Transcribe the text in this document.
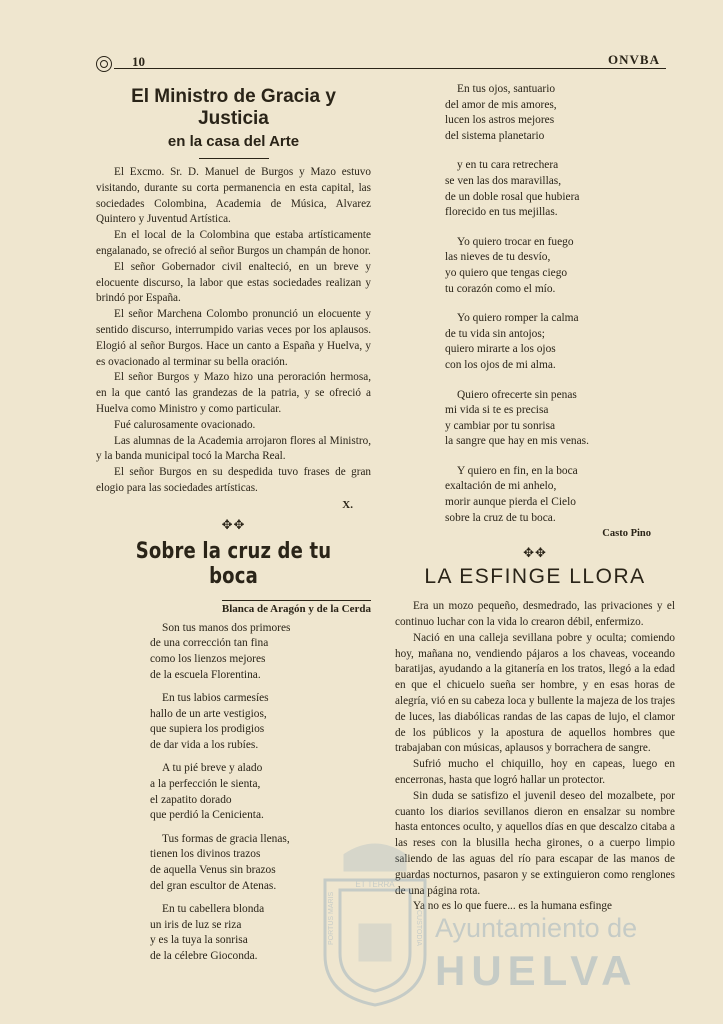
10	ONVBA
El Ministro de Gracia y Justicia
en la casa del Arte

El Excmo. Sr. D. Manuel de Burgos y Mazo estuvo visitando, durante su corta permanencia en esta capital, las sociedades Colombina, Academia de Música, Alvarez Quintero y Juventud Artística.

En el local de la Colombina que estaba artísticamente engalanado, se ofreció al señor Burgos un champán de honor.

El señor Gobernador civil enalteció, en un breve y elocuente discurso, la labor que estas sociedades realizan y brindó por España.

El señor Marchena Colombo pronunció un elocuente y sentido discurso, interrumpido varias veces por los aplausos. Elogió al señor Burgos. Hace un canto a España y Huelva, y es ovacionado al terminar su bella oración.

El señor Burgos y Mazo hizo una peroración hermosa, en la que cantó las grandezas de la patria, y se ofreció a Huelva como Ministro y como particular.

Fué calurosamente ovacionado.

Las alumnas de la Academia arrojaron flores al Ministro, y la banda municipal tocó la Marcha Real.

El señor Burgos en su despedida tuvo frases de gran elogio para las sociedades artísticas.

X.
✥✥
Sobre la cruz de tu boca
Blanca de Aragón y de la Cerda
Son tus manos dos primores
de una corrección tan fina
como los lienzos mejores
de la escuela Florentina.
En tus labios carmesíes
hallo de un arte vestigios,
que supiera los prodigios
de dar vida a los rubíes.
A tu pié breve y alado
a la perfección le sienta,
el zapatito dorado
que perdió la Cenicienta.
Tus formas de gracia llenas,
tienen los divinos trazos
de aquella Venus sin brazos
del gran escultor de Atenas.
En tu cabellera blonda
un iris de luz se riza
y es la tuya la sonrisa
de la célebre Gioconda.
En tus ojos, santuario
del amor de mis amores,
lucen los astros mejores
del sistema planetario
y en tu cara retrechera
se ven las dos maravillas,
de un doble rosal que hubiera
florecido en tus mejillas.
Yo quiero trocar en fuego
las nieves de tu desvío,
yo quiero que tengas ciego
tu corazón como el mío.
Yo quiero romper la calma
de tu vida sin antojos;
quiero mirarte a los ojos
con los ojos de mi alma.
Quiero ofrecerte sin penas
mi vida si te es precisa
y cambiar por tu sonrisa
la sangre que hay en mis venas.
Y quiero en fin, en la boca
exaltación de mi anhelo,
morir aunque pierda el Cielo
sobre la cruz de tu boca.
Casto Pino
✥✥
LA ESFINGE LLORA

Era un mozo pequeño, desmedrado, las privaciones y el continuo luchar con la vida lo crearon débil, enfermizo.

Nació en una calleja sevillana pobre y oculta; comiendo hoy, mañana no, vendiendo pájaros a los chaveas, voceando baratijas, ayudando a la gitanería en los tratos, llegó a la edad en que el chicuelo sueña ser hombre, y en esas horas de alegría, vió en su cabeza loca y bullente la majeza de los trajes de luces, las diabólicas randas de las capas de lujo, el clamor de los públicos y la apostura de aquellos hombres que trabajaban con músicas, aplausos y borrachera de sangre.

Sufrió mucho el chiquillo, hoy en capeas, luego en encerronas, hasta que logró hallar un protector.

Sin duda se satisfizo el juvenil deseo del mozalbete, por cuanto los diarios sevillanos dieron en ensalzar su nombre hasta entonces oculto, y aquellos días en que descalzo citaba a las reses con la blusilla hecha girones, o a cuerpo limpio saliendo de las aguas del río para escapar de las manos de guardas nocturnos, pasaron y se extinguieron como renglones de una página rota.

Ya no es lo que fuere... es la humana esfinge

ET TERRA
PORTUS MARIS	CUSTODIA Ayuntamiento de
HUELVA
